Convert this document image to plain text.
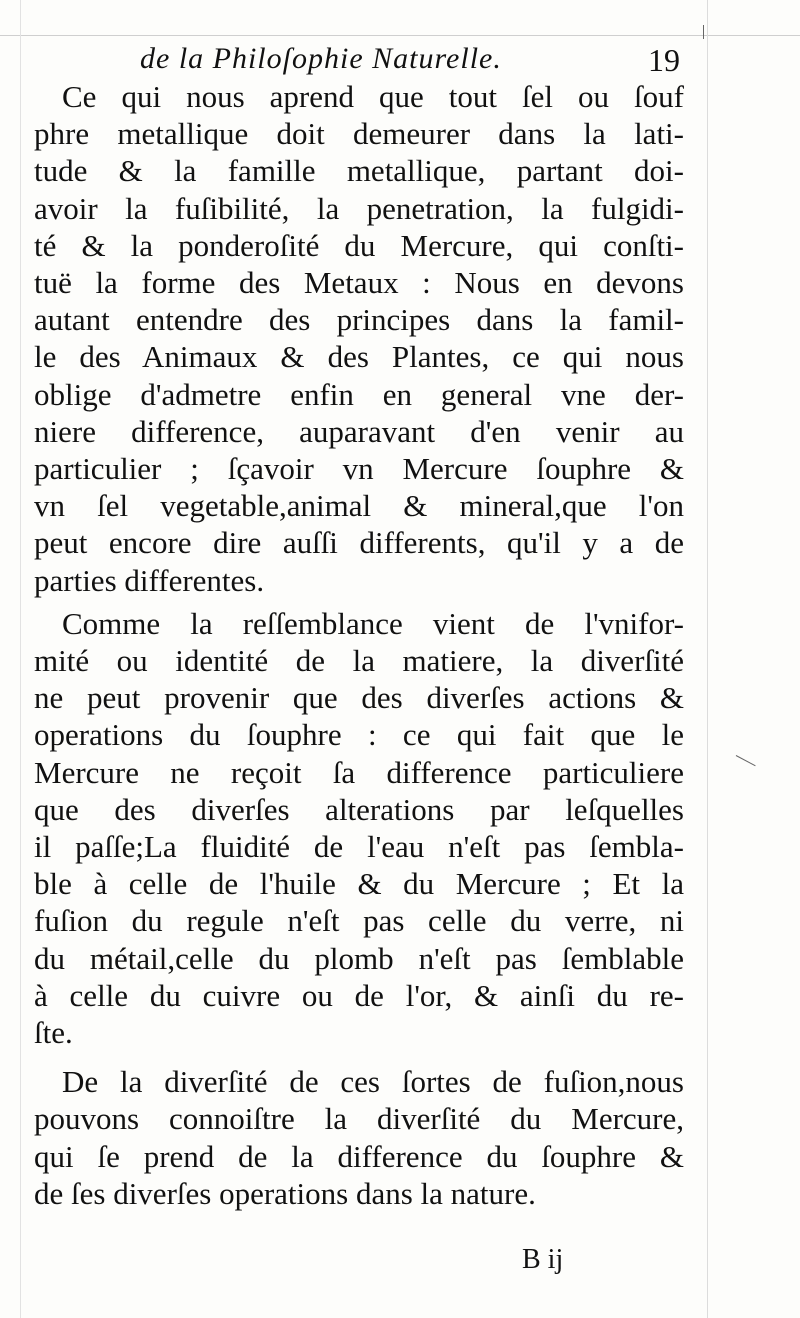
de la Philoſophie Naturelle.	19

Ce qui nous aprend que tout ſel ou ſouf
phre metallique doit demeurer dans la lati-
tude & la famille metallique, partant doi-
avoir la fuſibilité, la penetration, la fulgidi-
té & la ponderoſité du Mercure, qui conſti-
tuë la forme des Metaux : Nous en devons
autant entendre des principes dans la famil-
le des Animaux & des Plantes, ce qui nous
oblige d'admetre enfin en general vne der-
niere difference, auparavant d'en venir au
particulier ; ſçavoir vn Mercure ſouphre &
vn ſel vegetable,animal & mineral,que l'on
peut encore dire auſſi differents, qu'il y a de
parties differentes.

Comme la reſſemblance vient de l'vnifor-
mité ou identité de la matiere, la diverſité
ne peut provenir que des diverſes actions &
operations du ſouphre : ce qui fait que le
Mercure ne reçoit ſa difference particuliere
que des diverſes alterations par leſquelles
il paſſe;La fluidité de l'eau n'eſt pas ſembla-
ble à celle de l'huile & du Mercure ; Et la
fuſion du regule n'eſt pas celle du verre, ni
du métail,celle du plomb n'eſt pas ſemblable
à celle du cuivre ou de l'or, & ainſi du re-
ſte.

De la diverſité de ces ſortes de fuſion,nous
pouvons connoiſtre la diverſité du Mercure,
qui ſe prend de la difference du ſouphre &
de ſes diverſes operations dans la nature.

B ij
